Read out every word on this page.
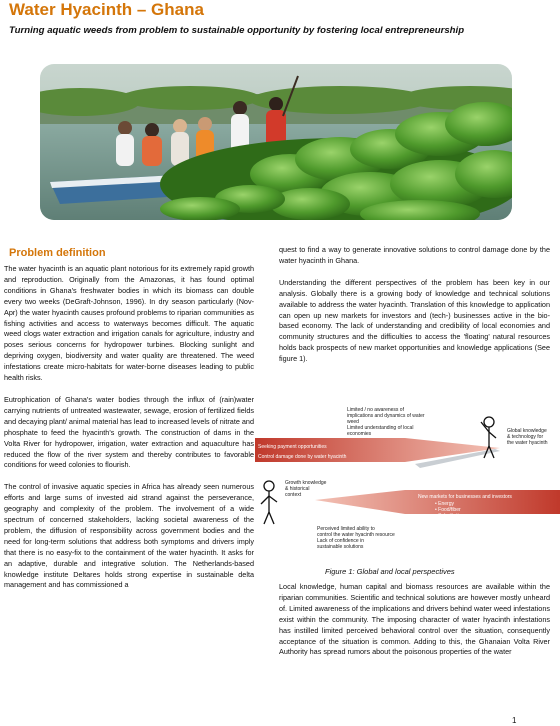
Water Hyacinth – Ghana
Turning aquatic weeds from problem to sustainable opportunity by fostering local entrepreneurship
Problem definition

The water hyacinth is an aquatic plant notorious for its extremely rapid growth and reproduction. Originally from the Amazonas, it has found optimal conditions in Ghana's freshwater bodies in which its biomass can double every two weeks (DeGraft-Johnson, 1996). In dry season particularly (Nov-Apr) the water hyacinth causes profound problems to riparian communities as fishing activities and access to waterways becomes difficult. The aquatic weed clogs water extraction and irrigation canals for agriculture, industry and poses serious concerns for hydropower turbines. Blocking sunlight and depriving oxygen, biodiversity and water quality are threatened. The weed infestations create micro-habitats for water-borne diseases leading to public health risks.

Eutrophication of Ghana's water bodies through the influx of (rain)water carrying nutrients of untreated wastewater, sewage, erosion of fertilized fields and decaying plant/ animal material has lead to increased levels of nitrate and phosphate to feed the hyacinth's growth. The construction of dams in the Volta River for hydropower, irrigation, water extraction and aquaculture has reduced the flow of the river system and thereby contributes to favorable conditions for weed colonies to flourish.

The control of invasive aquatic species in Africa has already seen numerous efforts and large sums of invested aid strand against the perseverance, geography and complexity of the problem. The involvement of a wide spectrum of concerned stakeholders, lacking societal awareness of the problem, the diffusion of responsibility across government bodies and the need for long-term solutions that address both symptoms and drivers imply that there is no easy-fix to the containment of the water hyacinth. It asks for an adaptive, durable and integrative solution. The Netherlands-based knowledge institute Deltares holds strong expertise in sustainable delta management and has commissioned a

quest to find a way to generate innovative solutions to control damage done by the water hyacinth in Ghana.

Understanding the different perspectives of the problem has been key in our analysis. Globally there is a growing body of knowledge and technical solutions available to address the water hyacinth. Translation of this knowledge to application can open up new markets for investors and (tech-) businesses active in the bio-based economy. The lack of understanding and credibility of local economies and community structures and the difficulties to access the 'floating' natural resources holds back prospects of new market opportunities and knowledge applications (See figure 1).

Seeking payment opportunities
Control damage done by water hyacinth
New markets for businesses and investors
• Energy
• Food/fiber
• Substitution
Limited / no awareness of
implications and dynamics of water
weed
Limited understanding of local
economies	Global knowledge
& technology for
the water hyacinth
Growth knowledge
& historical
context
Perceived limited ability to
control the water hyacinth resource
Lack of confidence in
sustainable solutions
Figure 1: Global and local perspectives

Local knowledge, human capital and biomass resources are available within the riparian communities. Scientific and technical solutions are however mostly unheard of. Limited awareness of the implications and drivers behind water weed infestations exist within the community. The imposing character of water hyacinth infestations has instilled limited perceived behavioral control over the situation, consequently acceptance of the situation is common. Adding to this, the Ghanaian Volta River Authority has spread rumors about the poisonous properties of the water

1
